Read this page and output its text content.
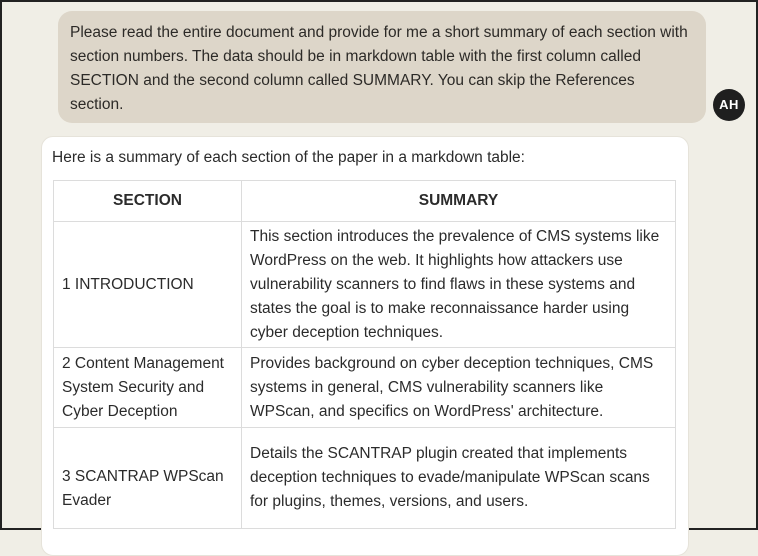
Please read the entire document and provide for me a short summary of each section with section numbers. The data should be in markdown table with the first column called SECTION and the second column called SUMMARY. You can skip the References section.	AH
Here is a summary of each section of the paper in a markdown table:
SECTION	SUMMARY
1 INTRODUCTION	This section introduces the prevalence of CMS systems like WordPress on the web. It highlights how attackers use vulnerability scanners to find flaws in these systems and states the goal is to make reconnaissance harder using cyber deception techniques.
2 Content Management System Security and Cyber Deception	Provides background on cyber deception techniques, CMS systems in general, CMS vulnerability scanners like WPScan, and specifics on WordPress' architecture.
3 SCANTRAP WPScan Evader	Details the SCANTRAP plugin created that implements deception techniques to evade/manipulate WPScan scans for plugins, themes, versions, and users.
